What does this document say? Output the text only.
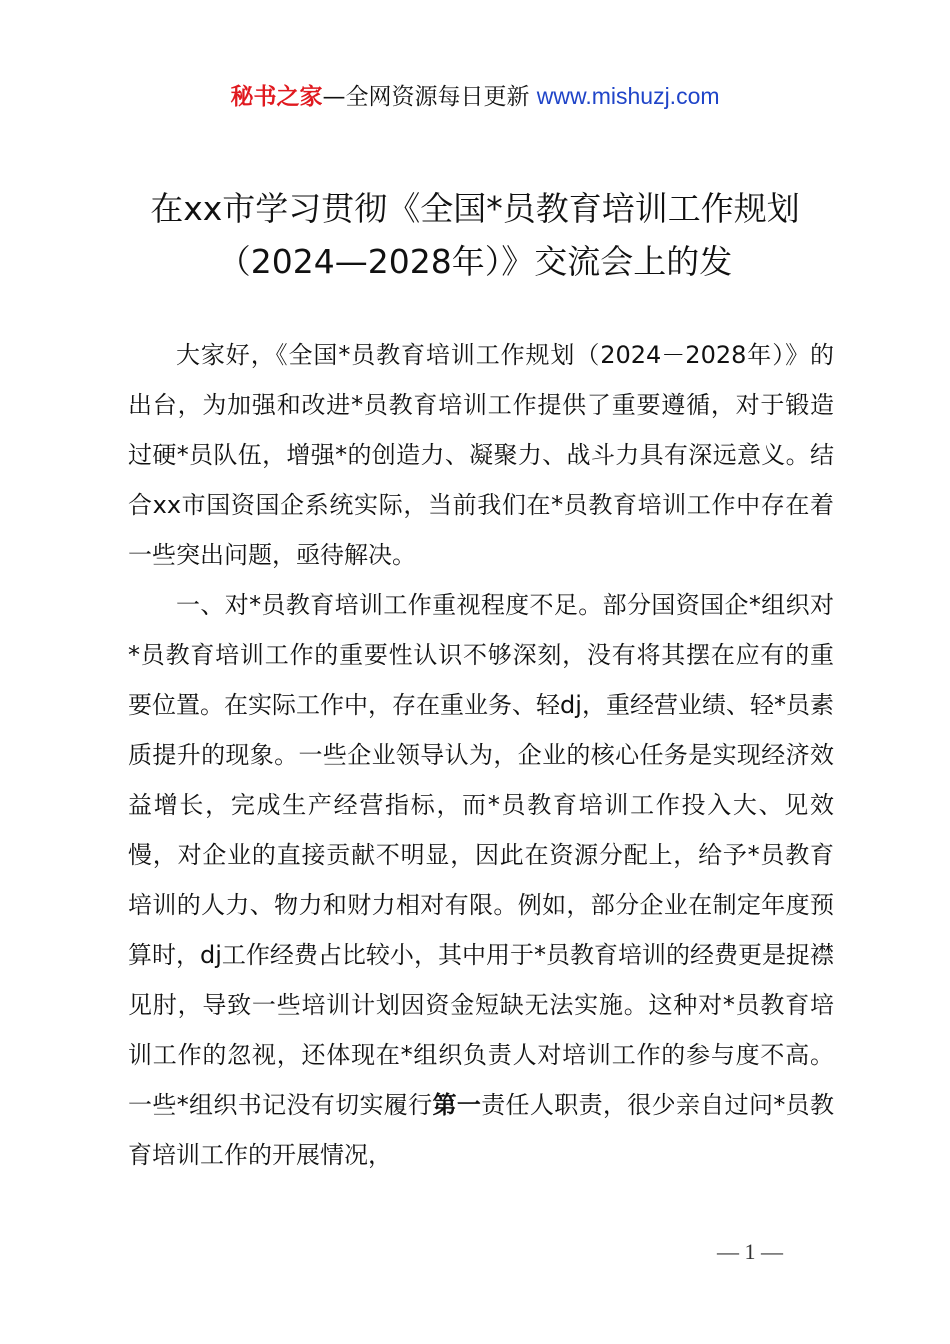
秘书之家—全网资源每日更新 www.mishuzj.com
在xx市学习贯彻《全国*员教育培训工作规划
（2024—2028年）》交流会上的发

大家好，《全国*员教育培训工作规划（2024－2028年）》的出台，为加强和改进*员教育培训工作提供了重要遵循，对于锻造过硬*员队伍，增强*的创造力、凝聚力、战斗力具有深远意义。结合xx市国资国企系统实际，当前我们在*员教育培训工作中存在着一些突出问题，亟待解决。

一、对*员教育培训工作重视程度不足。部分国资国企*组织对*员教育培训工作的重要性认识不够深刻，没有将其摆在应有的重要位置。在实际工作中，存在重业务、轻dj，重经营业绩、轻*员素质提升的现象。一些企业领导认为，企业的核心任务是实现经济效益增长，完成生产经营指标，而*员教育培训工作投入大、见效慢，对企业的直接贡献不明显，因此在资源分配上，给予*员教育培训的人力、物力和财力相对有限。例如，部分企业在制定年度预算时，dj工作经费占比较小，其中用于*员教育培训的经费更是捉襟见肘，导致一些培训计划因资金短缺无法实施。这种对*员教育培训工作的忽视，还体现在*组织负责人对培训工作的参与度不高。一些*组织书记没有切实履行第一责任人职责，很少亲自过问*员教育培训工作的开展情况，

— 1 —
